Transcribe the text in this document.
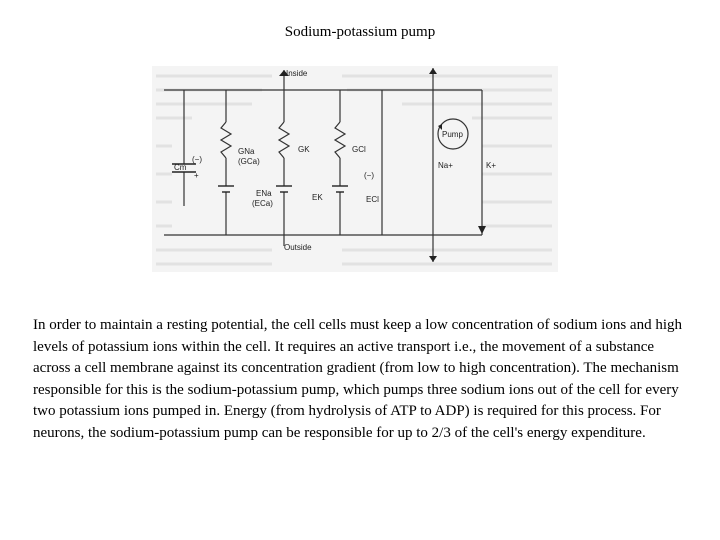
Sodium-potassium pump
Inside
Outside
Cm
(−)
+
GNa
(GCa)
GK	GCl
ENa
(ECa)
EK	ECl
(−)
Pump
Na+	K+
In order to maintain a resting potential, the cell cells must keep a low concentration of sodium ions and high levels of potassium ions within the cell. It requires an active transport i.e., the movement of a substance across a cell membrane against its concentration gradient (from low to high concentration). The mechanism responsible for this is the sodium-potassium pump, which pumps three sodium ions out of the cell for every two potassium ions pumped in. Energy (from hydrolysis of ATP to ADP) is required for this process. For neurons, the sodium-potassium pump can be responsible for up to 2/3 of the cell's energy expenditure.
